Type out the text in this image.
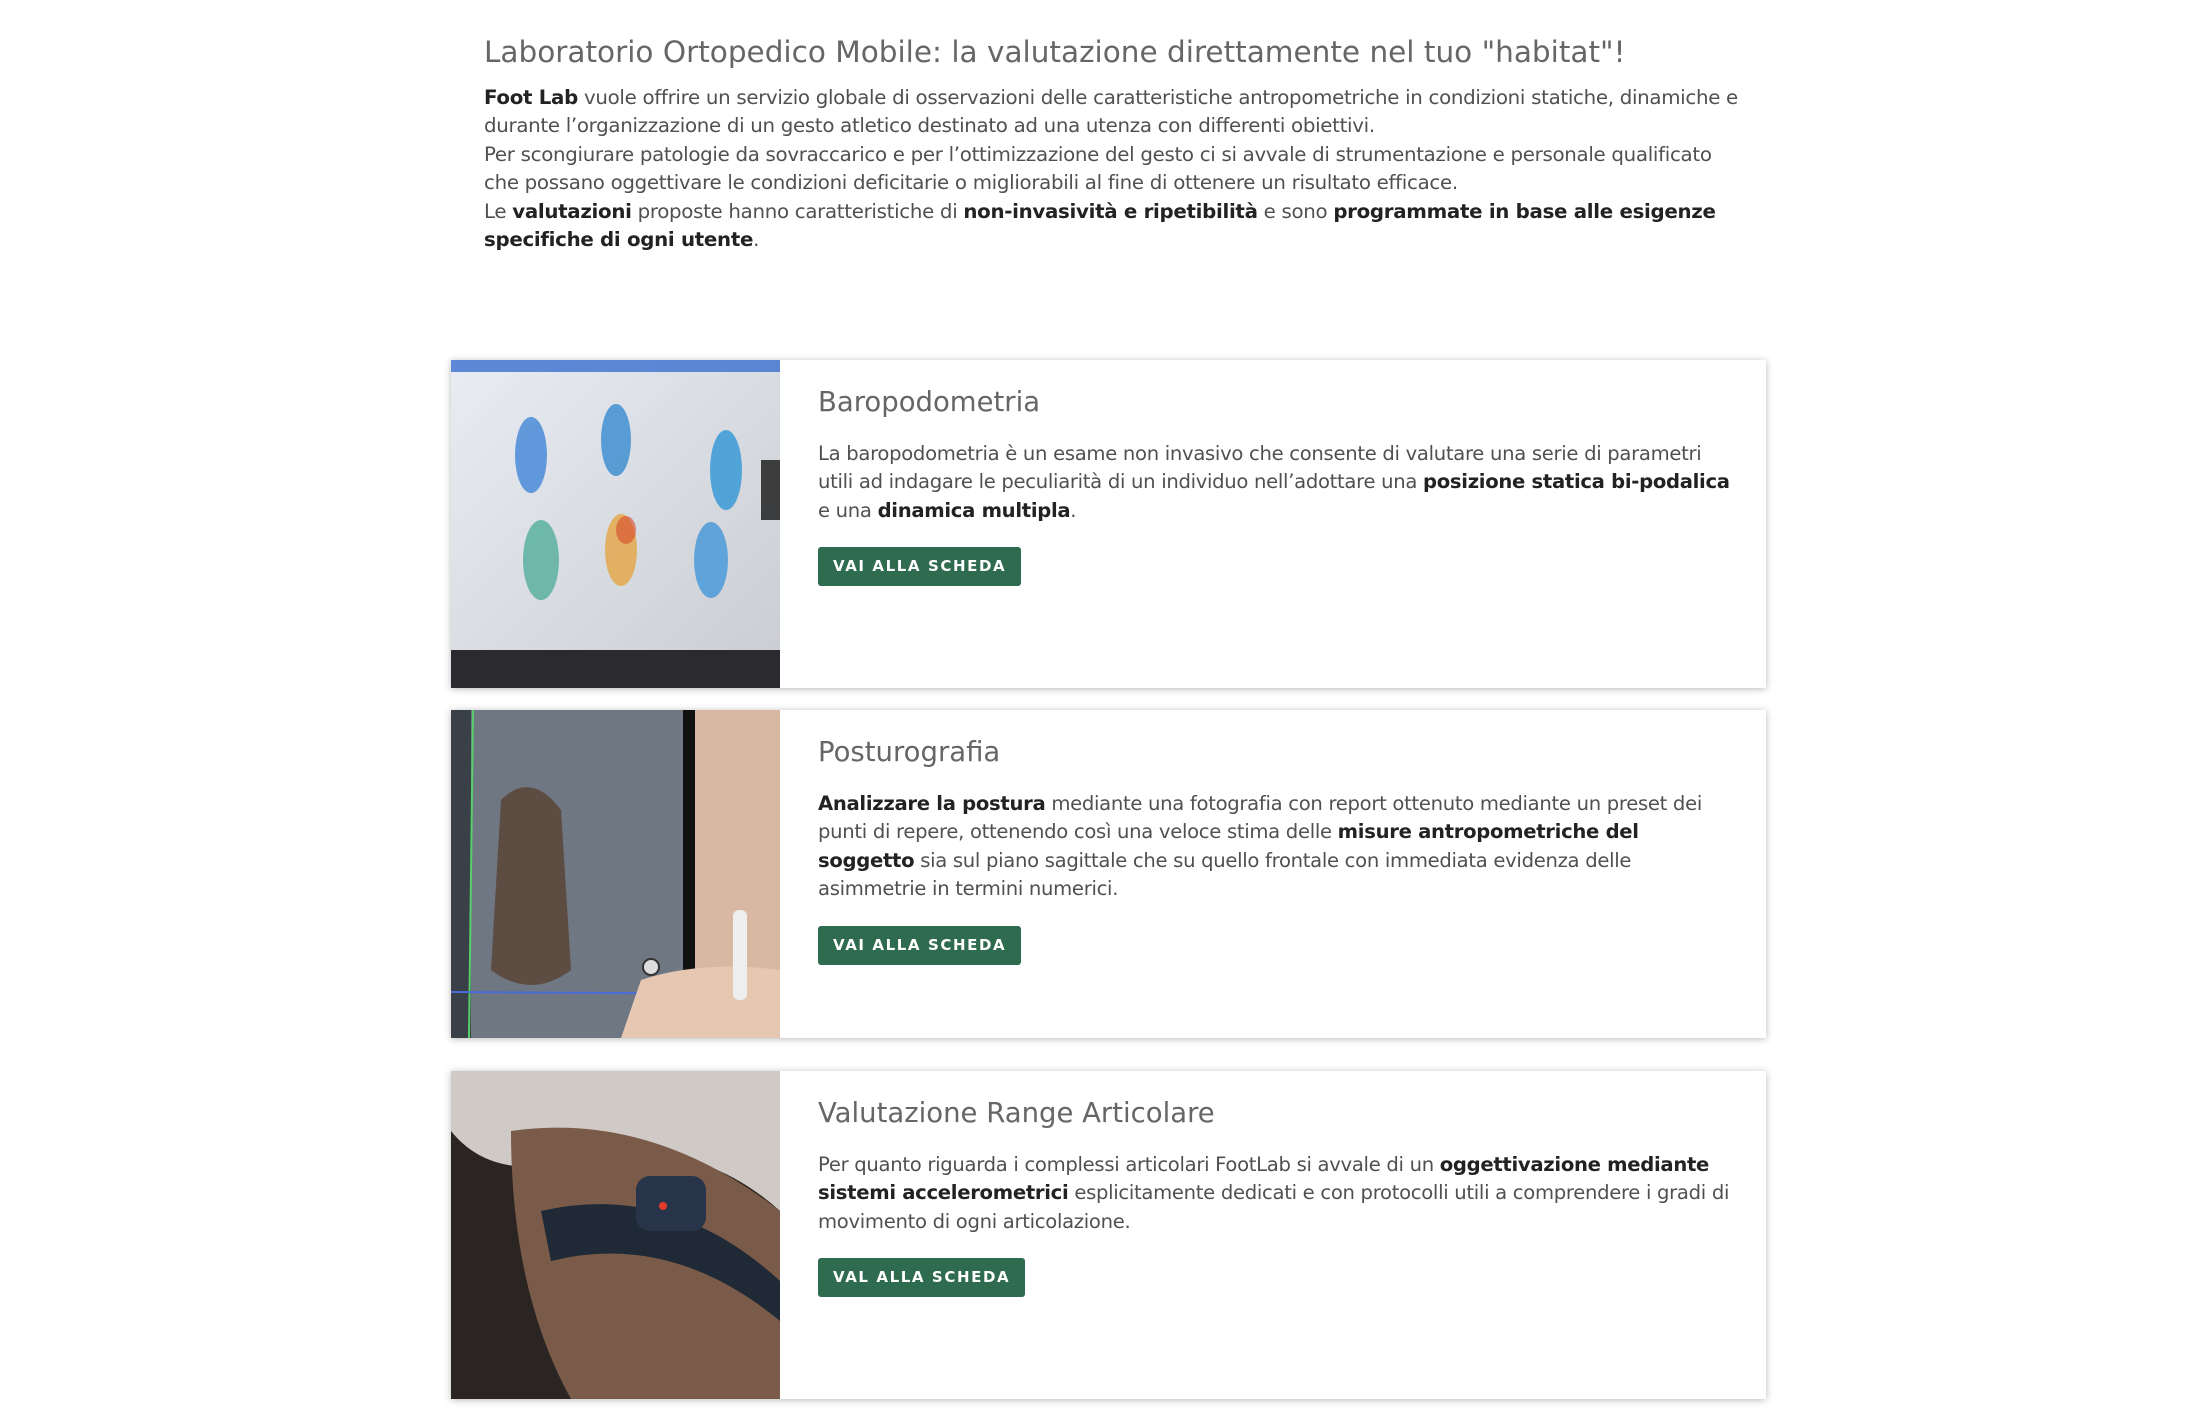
Laboratorio Ortopedico Mobile: la valutazione direttamente nel tuo "habitat"!

Foot Lab vuole offrire un servizio globale di osservazioni delle caratteristiche antropometriche in condizioni statiche, dinamiche e durante l’organizzazione di un gesto atletico destinato ad una utenza con differenti obiettivi.
Per scongiurare patologie da sovraccarico e per l’ottimizzazione del gesto ci si avvale di strumentazione e personale qualificato che possano oggettivare le condizioni deficitarie o migliorabili al fine di ottenere un risultato efficace.
Le valutazioni proposte hanno caratteristiche di non-invasività e ripetibilità e sono programmate in base alle esigenze specifiche di ogni utente.

Baropodometria

La baropodometria è un esame non invasivo che consente di valutare una serie di parametri utili ad indagare le peculiarità di un individuo nell’adottare una posizione statica bi-podalica e una dinamica multipla.

VAI ALLA SCHEDA
Posturografia

Analizzare la postura mediante una fotografia con report ottenuto mediante un preset dei punti di repere, ottenendo così una veloce stima delle misure antropometriche del soggetto sia sul piano sagittale che su quello frontale con immediata evidenza delle asimmetrie in termini numerici.

VAI ALLA SCHEDA
Valutazione Range Articolare

Per quanto riguarda i complessi articolari FootLab si avvale di un oggettivazione mediante sistemi accelerometrici esplicitamente dedicati e con protocolli utili a comprendere i gradi di movimento di ogni articolazione.

VAL ALLA SCHEDA
